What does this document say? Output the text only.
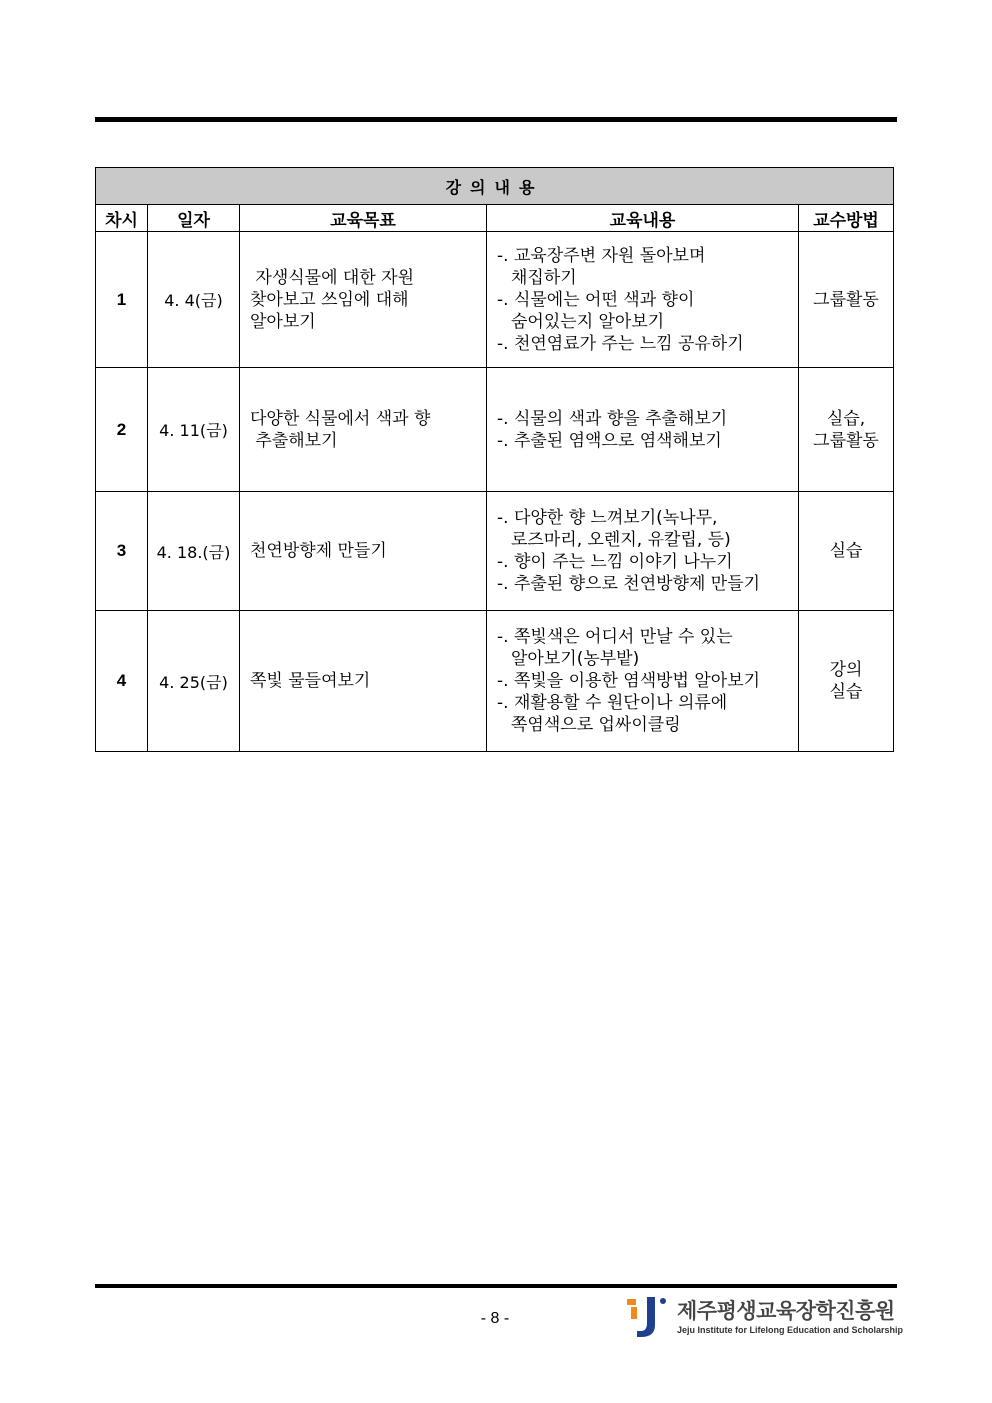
강의내용				
차시	일자	교육목표	교육내용	교수방법
1	4. 4(금)	자생식물에 대한 자원
찾아보고 쓰임에 대해
알아보기	-. 교육장주변 자원 돌아보며
채집하기
-. 식물에는 어떤 색과 향이
숨어있는지 알아보기
-. 천연염료가 주는 느낌 공유하기	그룹활동

2	4. 11(금)	다양한 식물에서 색과 향
추출해보기	-. 식물의 색과 향을 추출해보기
-. 추출된 염액으로 염색해보기	실습,
그룹활동

3	4. 18.(금)	천연방향제 만들기	-. 다양한 향 느껴보기(녹나무,
로즈마리, 오렌지, 유칼립, 등)
-. 향이 주는 느낌 이야기 나누기
-. 추출된 향으로 천연방향제 만들기	실습

4	4. 25(금)	쪽빛 물들여보기	-. 쪽빛색은 어디서 만날 수 있는
알아보기(농부밭)
-. 쪽빛을 이용한 염색방법 알아보기
-. 재활용할 수 원단이나 의류에
쪽염색으로 업싸이클링	강의
실습
- 8 -	제주평생교육장학진흥원
Jeju Institute for Lifelong Education and Scholarship
